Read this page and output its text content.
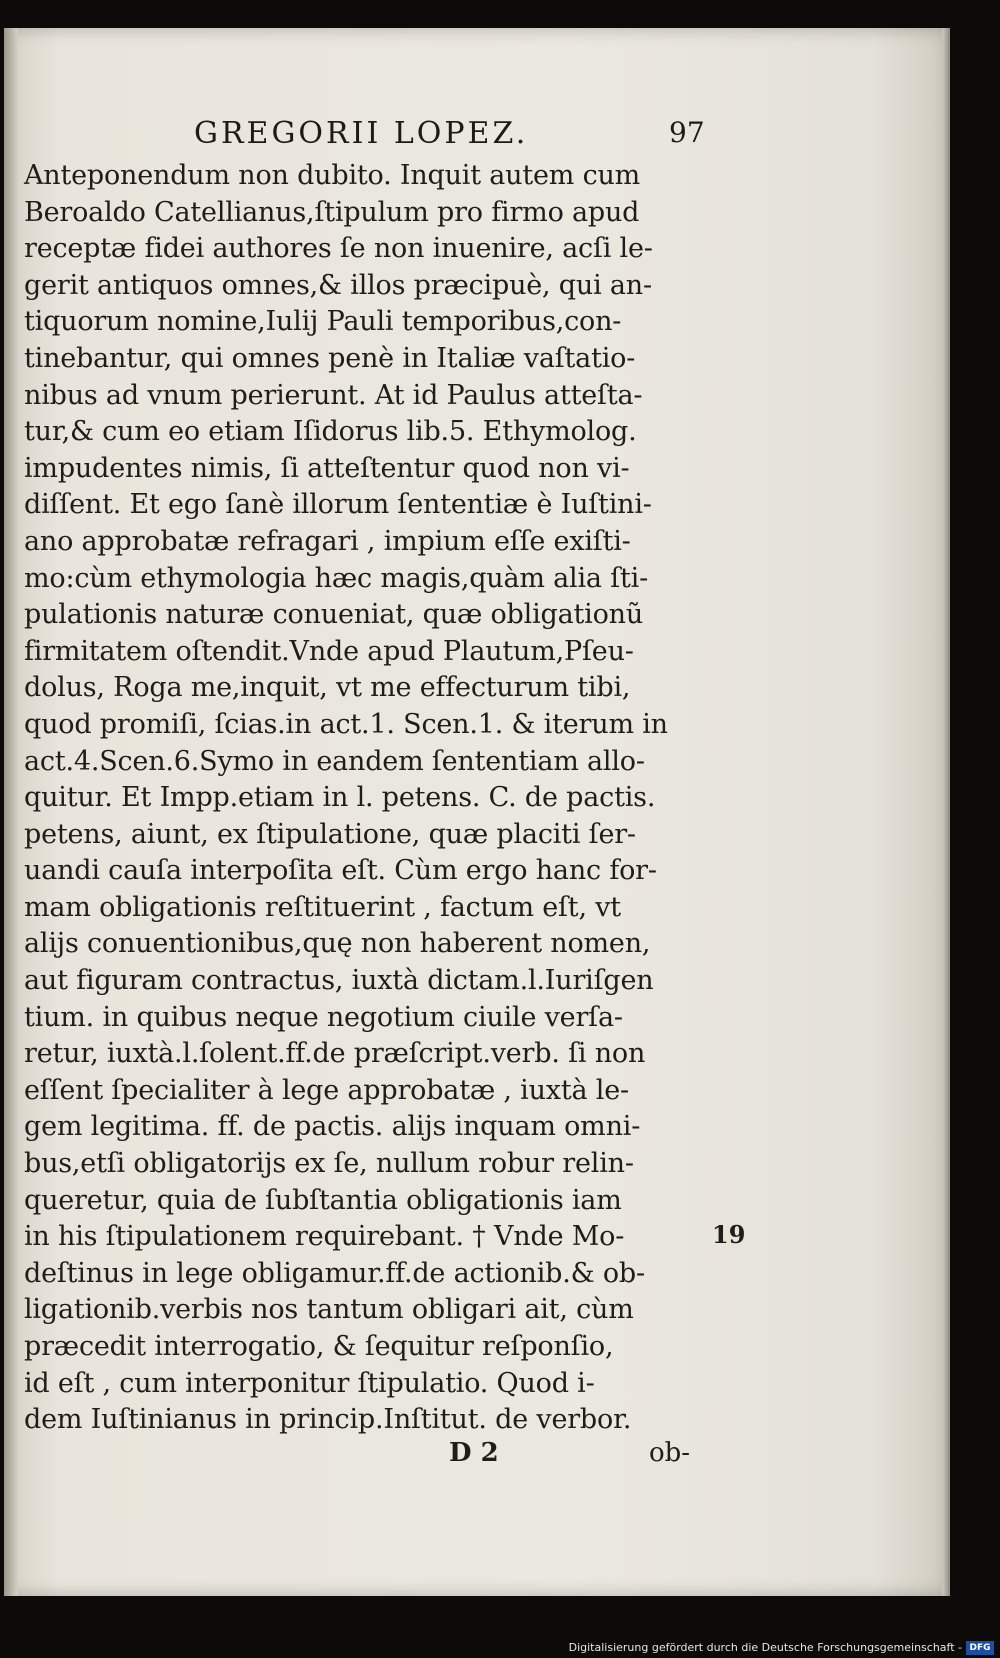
GREGORII LOPEZ.	97
Anteponendum non dubito. Inquit autem cum
Beroaldo Catellianus,ſtipulum pro firmo apud
receptæ fidei authores ſe non inuenire, acſi le-
gerit antiquos omnes,& illos præcipuè, qui an-
tiquorum nomine,Iulij Pauli temporibus,con-
tinebantur, qui omnes penè in Italiæ vaſtatio-
nibus ad vnum perierunt. At id Paulus atteſta-
tur,& cum eo etiam Iſidorus lib.5. Ethymolog.
impudentes nimis, ſi atteſtentur quod non vi-
diſſent. Et ego ſanè illorum ſententiæ è Iuſtini-
ano approbatæ refragari , impium eſſe exiſti-
mo:cùm ethymologia hæc magis,quàm alia ſti-
pulationis naturæ conueniat, quæ obligationũ
firmitatem oſtendit.Vnde apud Plautum,Pſeu-
dolus, Roga me,inquit, vt me effecturum tibi,
quod promiſi, ſcias.in act.1. Scen.1. & iterum in
act.4.Scen.6.Symo in eandem ſententiam allo-
quitur. Et Impp.etiam in l. petens. C. de pactis.
petens, aiunt, ex ſtipulatione, quæ placiti ſer-
uandi cauſa interpoſita eſt. Cùm ergo hanc for-
mam obligationis reſtituerint , factum eſt, vt
alijs conuentionibus,quę non haberent nomen,
aut figuram contractus, iuxtà dictam.l.Iuriſgen
tium. in quibus neque negotium ciuile verſa-
retur, iuxtà.l.ſolent.ff.de præſcript.verb. ſi non
eſſent ſpecialiter à lege approbatæ , iuxtà le-
gem legitima. ff. de pactis. alijs inquam omni-
bus,etſi obligatorijs ex ſe, nullum robur relin-
queretur, quia de ſubſtantia obligationis iam
in his ſtipulationem requirebant. † Vnde Mo-
deſtinus in lege obligamur.ff.de actionib.& ob-
ligationib.verbis nos tantum obligari ait, cùm
præcedit interrogatio, & ſequitur reſponſio,
id eſt , cum interponitur ſtipulatio. Quod i-
dem Iuſtinianus in princip.Inſtitut. de verbor.
19
D 2	ob-
Digitalisierung gefördert durch die Deutsche Forschungsgemeinschaft - DFG
